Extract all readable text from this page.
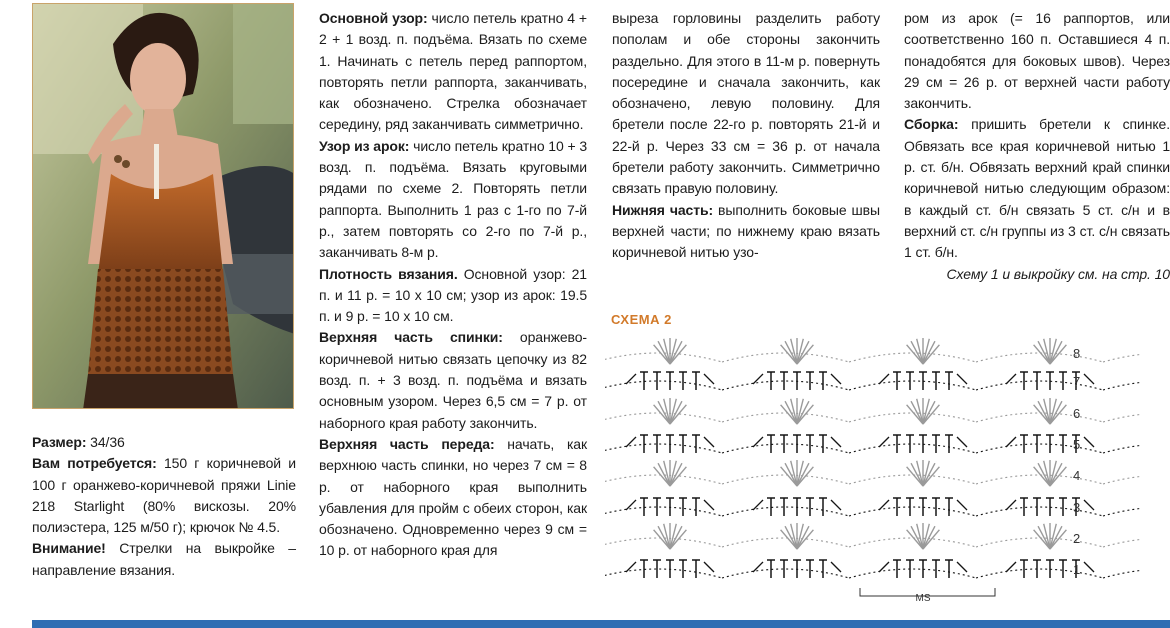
Размер: 34/36

Вам потребуется: 150 г коричневой и 100 г оранжево-коричневой пряжи Linie 218 Starlight (80% вискозы. 20% полиэстера, 125 м/50 г); крючок № 4.5.

Внимание! Стрелки на выкройке – направление вязания.

Основной узор: число петель кратно 4 + 2 + 1 возд. п. подъёма. Вязать по схеме 1. Начинать с петель перед раппортом, повторять петли раппорта, заканчивать, как обозначено. Стрелка обозначает середину, ряд заканчивать симметрично.

Узор из арок: число петель кратно 10 + 3 возд. п. подъёма. Вязать круговыми рядами по схеме 2. Повторять петли раппорта. Выполнить 1 раз с 1-го по 7-й р., затем повторять со 2-го по 7-й р., заканчивать 8-м р.

Плотность вязания. Основной узор: 21 п. и 11 р. = 10 х 10 см; узор из арок: 19.5 п. и 9 р. = 10 х 10 см.

Верхняя часть спинки: оранжево-коричневой нитью связать цепочку из 82 возд. п. + 3 возд. п. подъёма и вязать основным узором. Через 6,5 см = 7 р. от наборного края работу закончить.

Верхняя часть переда: начать, как верхнюю часть спинки, но через 7 см = 8 р. от наборного края выполнить убавления для пройм с обеих сторон, как обозначено. Одновременно через 9 см = 10 р. от наборного края для

выреза горловины разделить работу пополам и обе стороны закончить раздельно. Для этого в 11-м р. повернуть посередине и сначала закончить, как обозначено, левую половину. Для бретели после 22-го р. повторять 21-й и 22-й р. Через 33 см = 36 р. от начала бретели работу закончить. Симметрично связать правую половину.

Нижняя часть: выполнить боковые швы верхней части; по нижнему краю вязать коричневой нитью узо-

ром из арок (= 16 раппортов, или соответственно 160 п. Оставшиеся 4 п. понадобятся для боковых швов). Через 29 см = 26 р. от верхней части работу закончить.

Сборка: пришить бретели к спинке. Обвязать все края коричневой нитью 1 р. ст. б/н. Обвязать верхний край спинки коричневой нитью следующим образом: в каждый ст. б/н связать 5 ст. с/н и в верхний ст. с/н группы из 3 ст. с/н связать 1 ст. б/н.

Схему 1 и выкройку см. на стр. 10

СХЕМА 2
8
7
6
5
4
3
2
1
MS
